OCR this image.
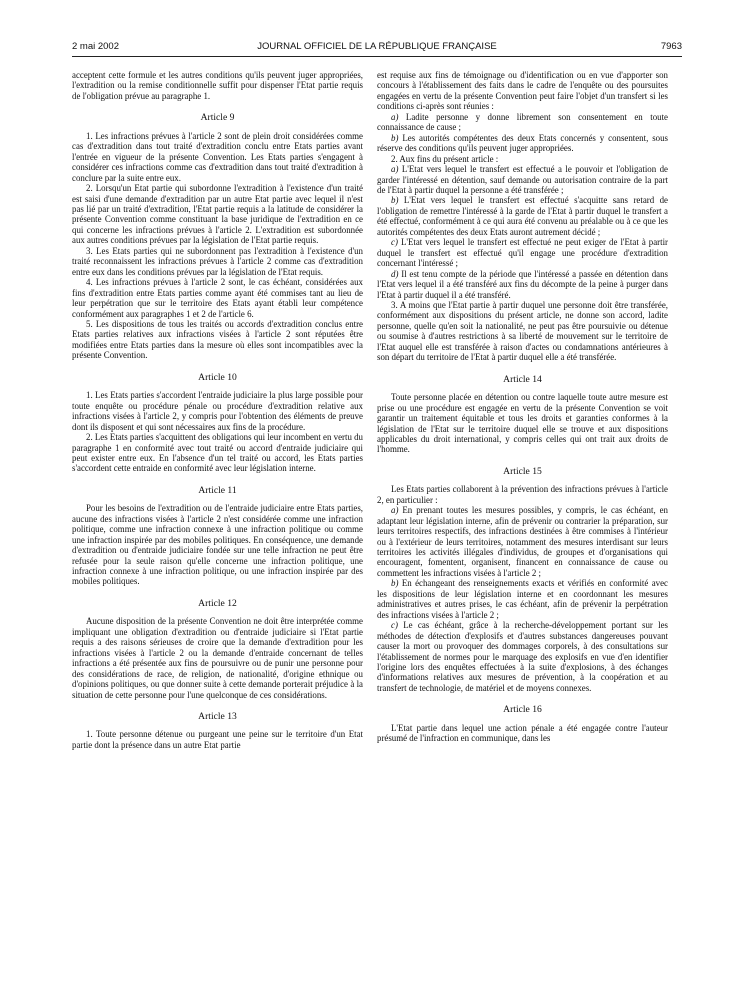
2 mai 2002	JOURNAL OFFICIEL DE LA RÉPUBLIQUE FRANÇAISE	7963

acceptent cette formule et les autres conditions qu'ils peuvent juger appropriées, l'extradition ou la remise conditionnelle suffit pour dispenser l'Etat partie requis de l'obligation prévue au paragraphe 1.

Article 9

1. Les infractions prévues à l'article 2 sont de plein droit considérées comme cas d'extradition dans tout traité d'extradition conclu entre Etats parties avant l'entrée en vigueur de la présente Convention. Les Etats parties s'engagent à considérer ces infractions comme cas d'extradition dans tout traité d'extradition à conclure par la suite entre eux.

2. Lorsqu'un Etat partie qui subordonne l'extradition à l'existence d'un traité est saisi d'une demande d'extradition par un autre Etat partie avec lequel il n'est pas lié par un traité d'extradition, l'Etat partie requis a la latitude de considérer la présente Convention comme constituant la base juridique de l'extradition en ce qui concerne les infractions prévues à l'article 2. L'extradition est subordonnée aux autres conditions prévues par la législation de l'Etat partie requis.

3. Les Etats parties qui ne subordonnent pas l'extradition à l'existence d'un traité reconnaissent les infractions prévues à l'article 2 comme cas d'extradition entre eux dans les conditions prévues par la législation de l'Etat requis.

4. Les infractions prévues à l'article 2 sont, le cas échéant, considérées aux fins d'extradition entre Etats parties comme ayant été commises tant au lieu de leur perpétration que sur le territoire des Etats ayant établi leur compétence conformément aux paragraphes 1 et 2 de l'article 6.

5. Les dispositions de tous les traités ou accords d'extradition conclus entre Etats parties relatives aux infractions visées à l'article 2 sont réputées être modifiées entre Etats parties dans la mesure où elles sont incompatibles avec la présente Convention.

Article 10

1. Les Etats parties s'accordent l'entraide judiciaire la plus large possible pour toute enquête ou procédure pénale ou procédure d'extradition relative aux infractions visées à l'article 2, y compris pour l'obtention des éléments de preuve dont ils disposent et qui sont nécessaires aux fins de la procédure.

2. Les Etats parties s'acquittent des obligations qui leur incombent en vertu du paragraphe 1 en conformité avec tout traité ou accord d'entraide judiciaire qui peut exister entre eux. En l'absence d'un tel traité ou accord, les Etats parties s'accordent cette entraide en conformité avec leur législation interne.

Article 11

Pour les besoins de l'extradition ou de l'entraide judiciaire entre Etats parties, aucune des infractions visées à l'article 2 n'est considérée comme une infraction politique, comme une infraction connexe à une infraction politique ou comme une infraction inspirée par des mobiles politiques. En conséquence, une demande d'extradition ou d'entraide judiciaire fondée sur une telle infraction ne peut être refusée pour la seule raison qu'elle concerne une infraction politique, une infraction connexe à une infraction politique, ou une infraction inspirée par des mobiles politiques.

Article 12

Aucune disposition de la présente Convention ne doit être interprétée comme impliquant une obligation d'extradition ou d'entraide judiciaire si l'Etat partie requis a des raisons sérieuses de croire que la demande d'extradition pour les infractions visées à l'article 2 ou la demande d'entraide concernant de telles infractions a été présentée aux fins de poursuivre ou de punir une personne pour des considérations de race, de religion, de nationalité, d'origine ethnique ou d'opinions politiques, ou que donner suite à cette demande porterait préjudice à la situation de cette personne pour l'une quelconque de ces considérations.

Article 13

1. Toute personne détenue ou purgeant une peine sur le territoire d'un Etat partie dont la présence dans un autre Etat partie

est requise aux fins de témoignage ou d'identification ou en vue d'apporter son concours à l'établissement des faits dans le cadre de l'enquête ou des poursuites engagées en vertu de la présente Convention peut faire l'objet d'un transfert si les conditions ci-après sont réunies :

a) Ladite personne y donne librement son consentement en toute connaissance de cause ;

b) Les autorités compétentes des deux Etats concernés y consentent, sous réserve des conditions qu'ils peuvent juger appropriées.

2. Aux fins du présent article :

a) L'Etat vers lequel le transfert est effectué a le pouvoir et l'obligation de garder l'intéressé en détention, sauf demande ou autorisation contraire de la part de l'Etat à partir duquel la personne a été transférée ;

b) L'Etat vers lequel le transfert est effectué s'acquitte sans retard de l'obligation de remettre l'intéressé à la garde de l'Etat à partir duquel le transfert a été effectué, conformément à ce qui aura été convenu au préalable ou à ce que les autorités compétentes des deux Etats auront autrement décidé ;

c) L'Etat vers lequel le transfert est effectué ne peut exiger de l'Etat à partir duquel le transfert est effectué qu'il engage une procédure d'extradition concernant l'intéressé ;

d) Il est tenu compte de la période que l'intéressé a passée en détention dans l'Etat vers lequel il a été transféré aux fins du décompte de la peine à purger dans l'Etat à partir duquel il a été transféré.

3. A moins que l'Etat partie à partir duquel une personne doit être transférée, conformément aux dispositions du présent article, ne donne son accord, ladite personne, quelle qu'en soit la nationalité, ne peut pas être poursuivie ou détenue ou soumise à d'autres restrictions à sa liberté de mouvement sur le territoire de l'Etat auquel elle est transférée à raison d'actes ou condamnations antérieures à son départ du territoire de l'Etat à partir duquel elle a été transférée.

Article 14

Toute personne placée en détention ou contre laquelle toute autre mesure est prise ou une procédure est engagée en vertu de la présente Convention se voit garantir un traitement équitable et tous les droits et garanties conformes à la législation de l'Etat sur le territoire duquel elle se trouve et aux dispositions applicables du droit international, y compris celles qui ont trait aux droits de l'homme.

Article 15

Les Etats parties collaborent à la prévention des infractions prévues à l'article 2, en particulier :

a) En prenant toutes les mesures possibles, y compris, le cas échéant, en adaptant leur législation interne, afin de prévenir ou contrarier la préparation, sur leurs territoires respectifs, des infractions destinées à être commises à l'intérieur ou à l'extérieur de leurs territoires, notamment des mesures interdisant sur leurs territoires les activités illégales d'individus, de groupes et d'organisations qui encouragent, fomentent, organisent, financent en connaissance de cause ou commettent les infractions visées à l'article 2 ;

b) En échangeant des renseignements exacts et vérifiés en conformité avec les dispositions de leur législation interne et en coordonnant les mesures administratives et autres prises, le cas échéant, afin de prévenir la perpétration des infractions visées à l'article 2 ;

c) Le cas échéant, grâce à la recherche-développement portant sur les méthodes de détection d'explosifs et d'autres substances dangereuses pouvant causer la mort ou provoquer des dommages corporels, à des consultations sur l'établissement de normes pour le marquage des explosifs en vue d'en identifier l'origine lors des enquêtes effectuées à la suite d'explosions, à des échanges d'informations relatives aux mesures de prévention, à la coopération et au transfert de technologie, de matériel et de moyens connexes.

Article 16

L'Etat partie dans lequel une action pénale a été engagée contre l'auteur présumé de l'infraction en communique, dans les
